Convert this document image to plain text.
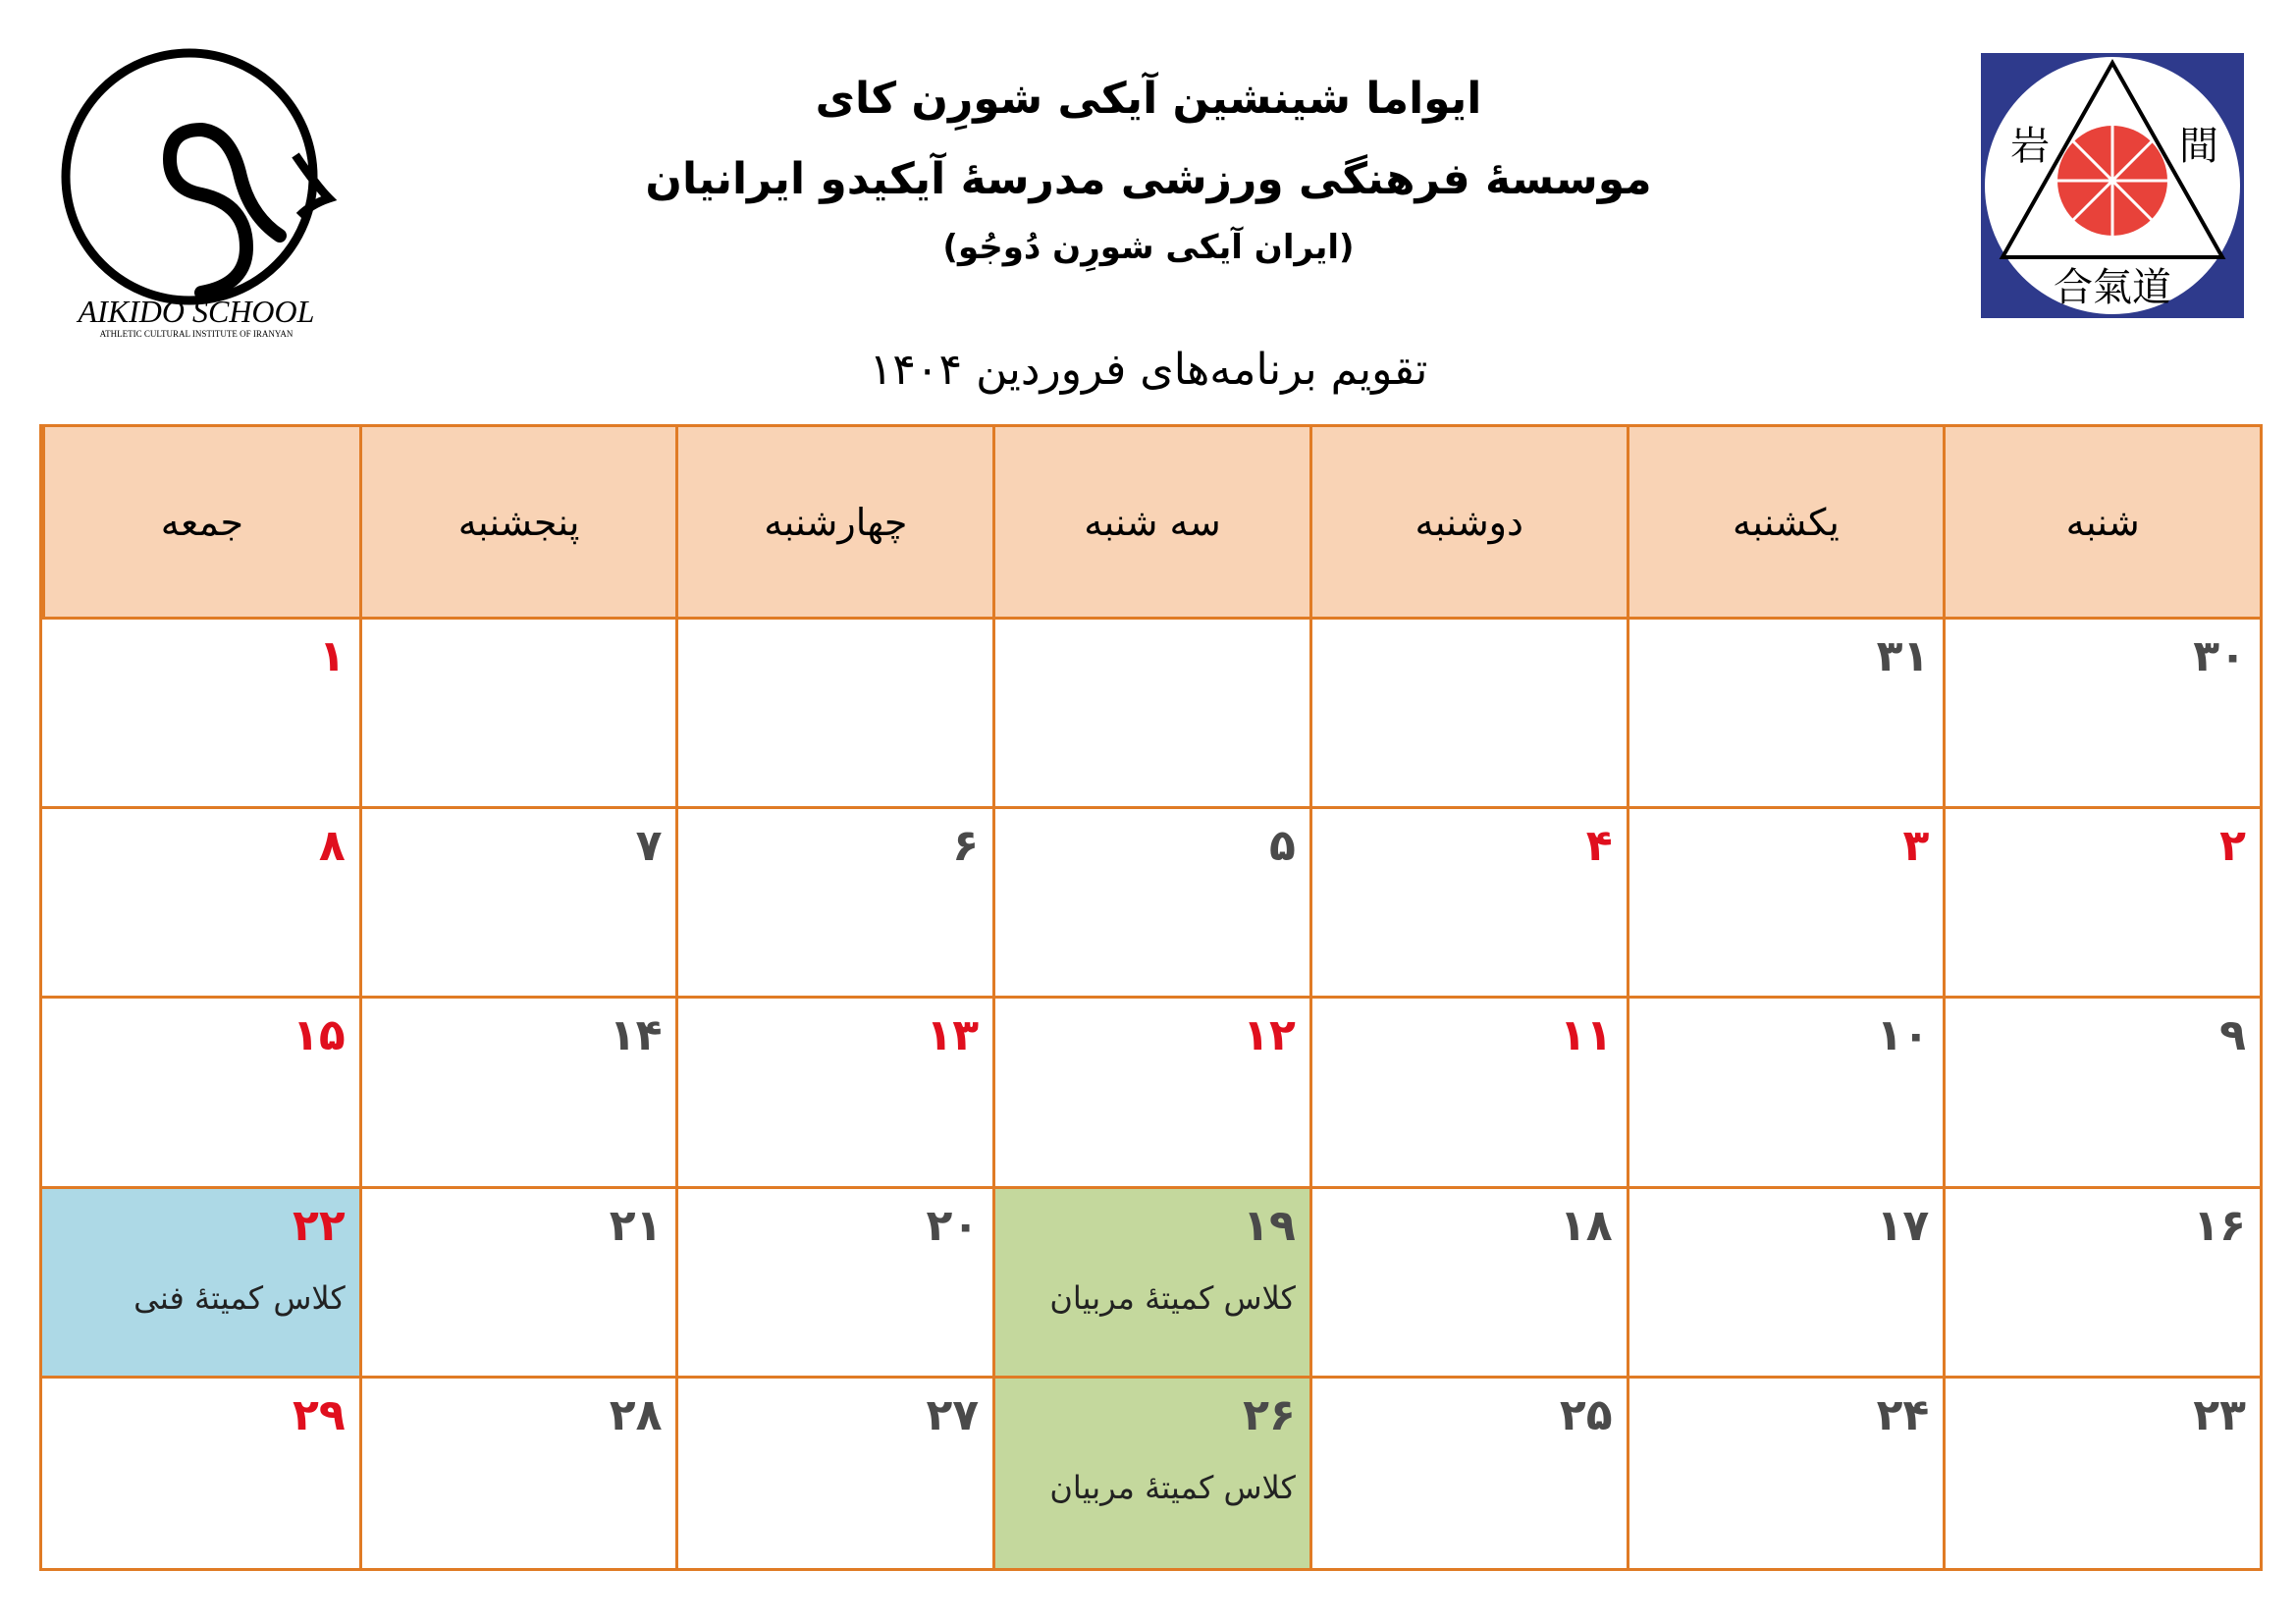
AIKIDO SCHOOL
ATHLETIC CULTURAL INSTITUTE OF IRANYAN
岩	間
合氣道
ایواما شینشین آیکی شورِن کای
موسسهٔ فرهنگی ورزشی مدرسهٔ آیکیدو ایرانیان
(ایران آیکی شورِن دُوجُو)
تقویم برنامه‌های فروردین ۱۴۰۴
شنبه
یکشنبه
دوشنبه
سه شنبه
چهارشنبه
پنجشنبه
جمعه
۳۰
۳۱
۱
۲
۳
۴
۵
۶
۷
۸
۹
۱۰
۱۱
۱۲
۱۳
۱۴
۱۵
۱۶
۱۷
۱۸
۱۹
کلاس کمیتهٔ مربیان
۲۰
۲۱
۲۲
کلاس کمیتهٔ فنی
۲۳
۲۴
۲۵
۲۶
کلاس کمیتهٔ مربیان
۲۷
۲۸
۲۹
